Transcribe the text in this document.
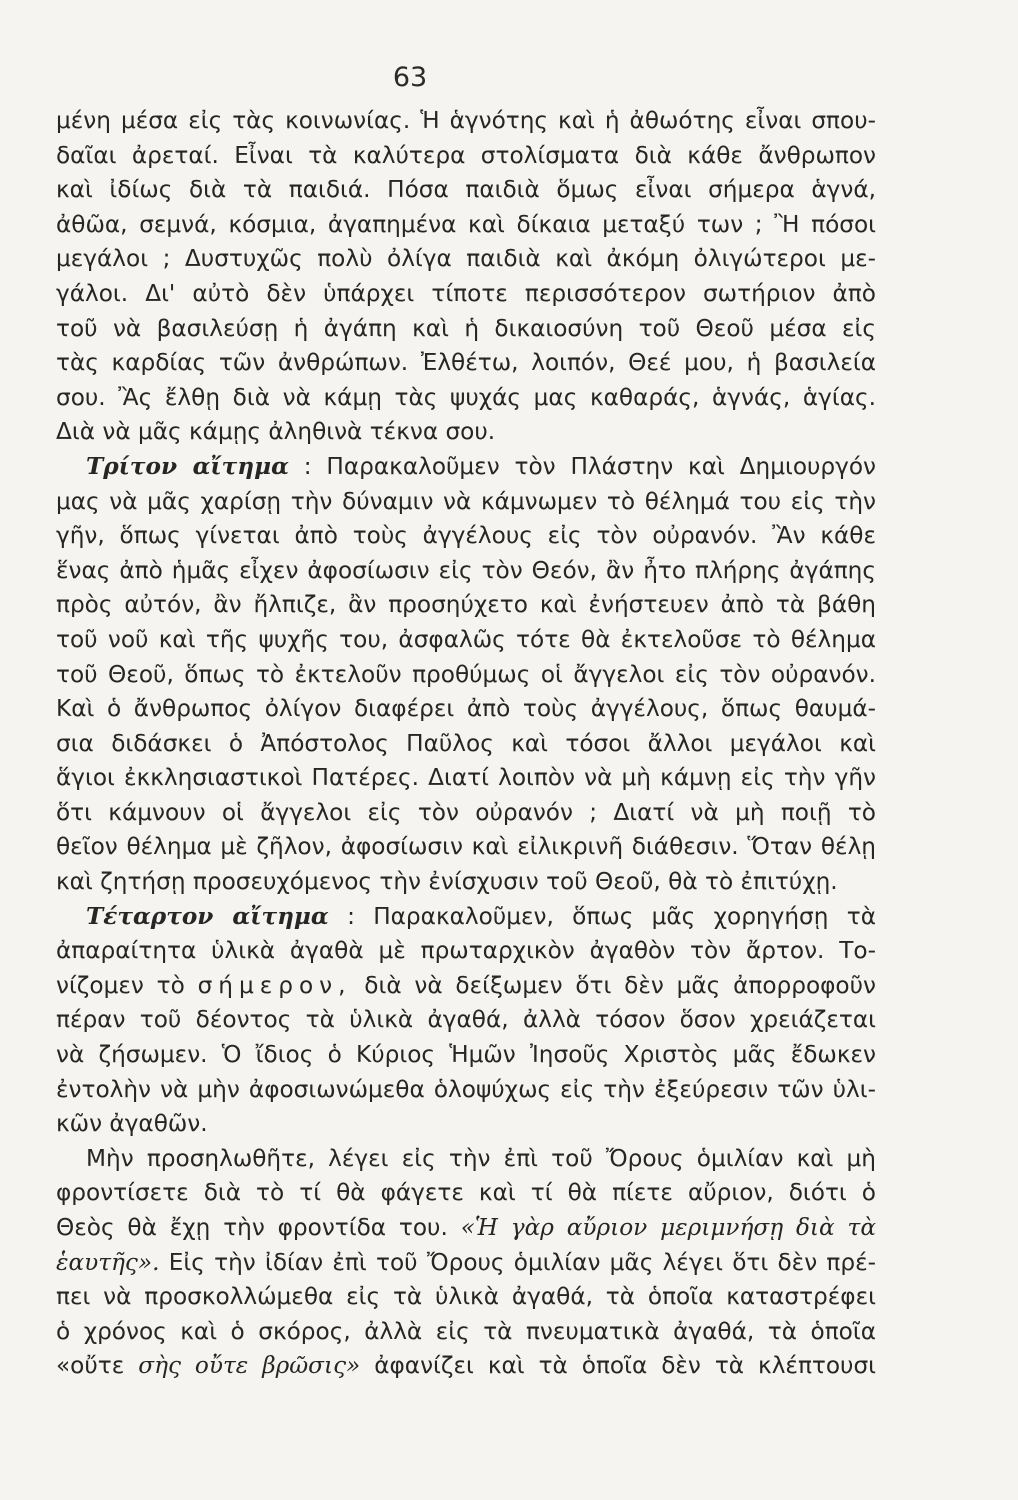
63
μένη μέσα εἰς τὰς κοινωνίας. Ἡ ἁγνότης καὶ ἡ ἀθωότης εἶναι σπου-
δαῖαι ἀρεταί. Εἶναι τὰ καλύτερα στολίσματα διὰ κάθε ἄνθρωπον
καὶ ἰδίως διὰ τὰ παιδιά. Πόσα παιδιὰ ὅμως εἶναι σήμερα ἁγνά,
ἀθῶα, σεμνά, κόσμια, ἀγαπημένα καὶ δίκαια μεταξύ των ; Ἢ πόσοι
μεγάλοι ; Δυστυχῶς πολὺ ὀλίγα παιδιὰ καὶ ἀκόμη ὀλιγώτεροι με-
γάλοι. Δι' αὐτὸ δὲν ὑπάρχει τίποτε περισσότερον σωτήριον ἀπὸ
τοῦ νὰ βασιλεύσῃ ἡ ἀγάπη καὶ ἡ δικαιοσύνη τοῦ Θεοῦ μέσα εἰς
τὰς καρδίας τῶν ἀνθρώπων. Ἐλθέτω, λοιπόν, Θεέ μου, ἡ βασιλεία
σου. Ἂς ἔλθῃ διὰ νὰ κάμῃ τὰς ψυχάς μας καθαράς, ἁγνάς, ἁγίας.
Διὰ νὰ μᾶς κάμῃς ἀληθινὰ τέκνα σου.
Τρίτον αἴτημα : Παρακαλοῦμεν τὸν Πλάστην καὶ Δημιουργόν
μας νὰ μᾶς χαρίσῃ τὴν δύναμιν νὰ κάμνωμεν τὸ θέλημά του εἰς τὴν
γῆν, ὅπως γίνεται ἀπὸ τοὺς ἀγγέλους εἰς τὸν οὐρανόν. Ἂν κάθε
ἕνας ἀπὸ ἡμᾶς εἶχεν ἀφοσίωσιν εἰς τὸν Θεόν, ἂν ἦτο πλήρης ἀγάπης
πρὸς αὐτόν, ἂν ἤλπιζε, ἂν προσηύχετο καὶ ἐνήστευεν ἀπὸ τὰ βάθη
τοῦ νοῦ καὶ τῆς ψυχῆς του, ἀσφαλῶς τότε θὰ ἐκτελοῦσε τὸ θέλημα
τοῦ Θεοῦ, ὅπως τὸ ἐκτελοῦν προθύμως οἱ ἄγγελοι εἰς τὸν οὐρανόν.
Καὶ ὁ ἄνθρωπος ὀλίγον διαφέρει ἀπὸ τοὺς ἀγγέλους, ὅπως θαυμά-
σια διδάσκει ὁ Ἀπόστολος Παῦλος καὶ τόσοι ἄλλοι μεγάλοι καὶ
ἅγιοι ἐκκλησιαστικοὶ Πατέρες. Διατί λοιπὸν νὰ μὴ κάμνῃ εἰς τὴν γῆν
ὅτι κάμνουν οἱ ἄγγελοι εἰς τὸν οὐρανόν ; Διατί νὰ μὴ ποιῇ τὸ
θεῖον θέλημα μὲ ζῆλον, ἀφοσίωσιν καὶ εἰλικρινῆ διάθεσιν. Ὅταν θέλῃ
καὶ ζητήσῃ προσευχόμενος τὴν ἐνίσχυσιν τοῦ Θεοῦ, θὰ τὸ ἐπιτύχῃ.
Τέταρτον αἴτημα : Παρακαλοῦμεν, ὅπως μᾶς χορηγήσῃ τὰ
ἀπαραίτητα ὑλικὰ ἀγαθὰ μὲ πρωταρχικὸν ἀγαθὸν τὸν ἄρτον. Το-
νίζομεν τὸ σήμερον, διὰ νὰ δείξωμεν ὅτι δὲν μᾶς ἀπορροφοῦν
πέραν τοῦ δέοντος τὰ ὑλικὰ ἀγαθά, ἀλλὰ τόσον ὅσον χρειάζεται
νὰ ζήσωμεν. Ὁ ἴδιος ὁ Κύριος Ἡμῶν Ἰησοῦς Χριστὸς μᾶς ἔδωκεν
ἐντολὴν νὰ μὴν ἀφοσιωνώμεθα ὁλοψύχως εἰς τὴν ἐξεύρεσιν τῶν ὑλι-
κῶν ἀγαθῶν.
Μὴν προσηλωθῆτε, λέγει εἰς τὴν ἐπὶ τοῦ Ὄρους ὁμιλίαν καὶ μὴ
φροντίσετε διὰ τὸ τί θὰ φάγετε καὶ τί θὰ πίετε αὔριον, διότι ὁ
Θεὸς θὰ ἔχῃ τὴν φροντίδα του. «Ἡ γὰρ αὔριον μεριμνήσῃ διὰ τὰ
ἑαυτῆς». Εἰς τὴν ἰδίαν ἐπὶ τοῦ Ὄρους ὁμιλίαν μᾶς λέγει ὅτι δὲν πρέ-
πει νὰ προσκολλώμεθα εἰς τὰ ὑλικὰ ἀγαθά, τὰ ὁποῖα καταστρέφει
ὁ χρόνος καὶ ὁ σκόρος, ἀλλὰ εἰς τὰ πνευματικὰ ἀγαθά, τὰ ὁποῖα
«οὔτε σὴς οὔτε βρῶσις» ἀφανίζει καὶ τὰ ὁποῖα δὲν τὰ κλέπτουσι
